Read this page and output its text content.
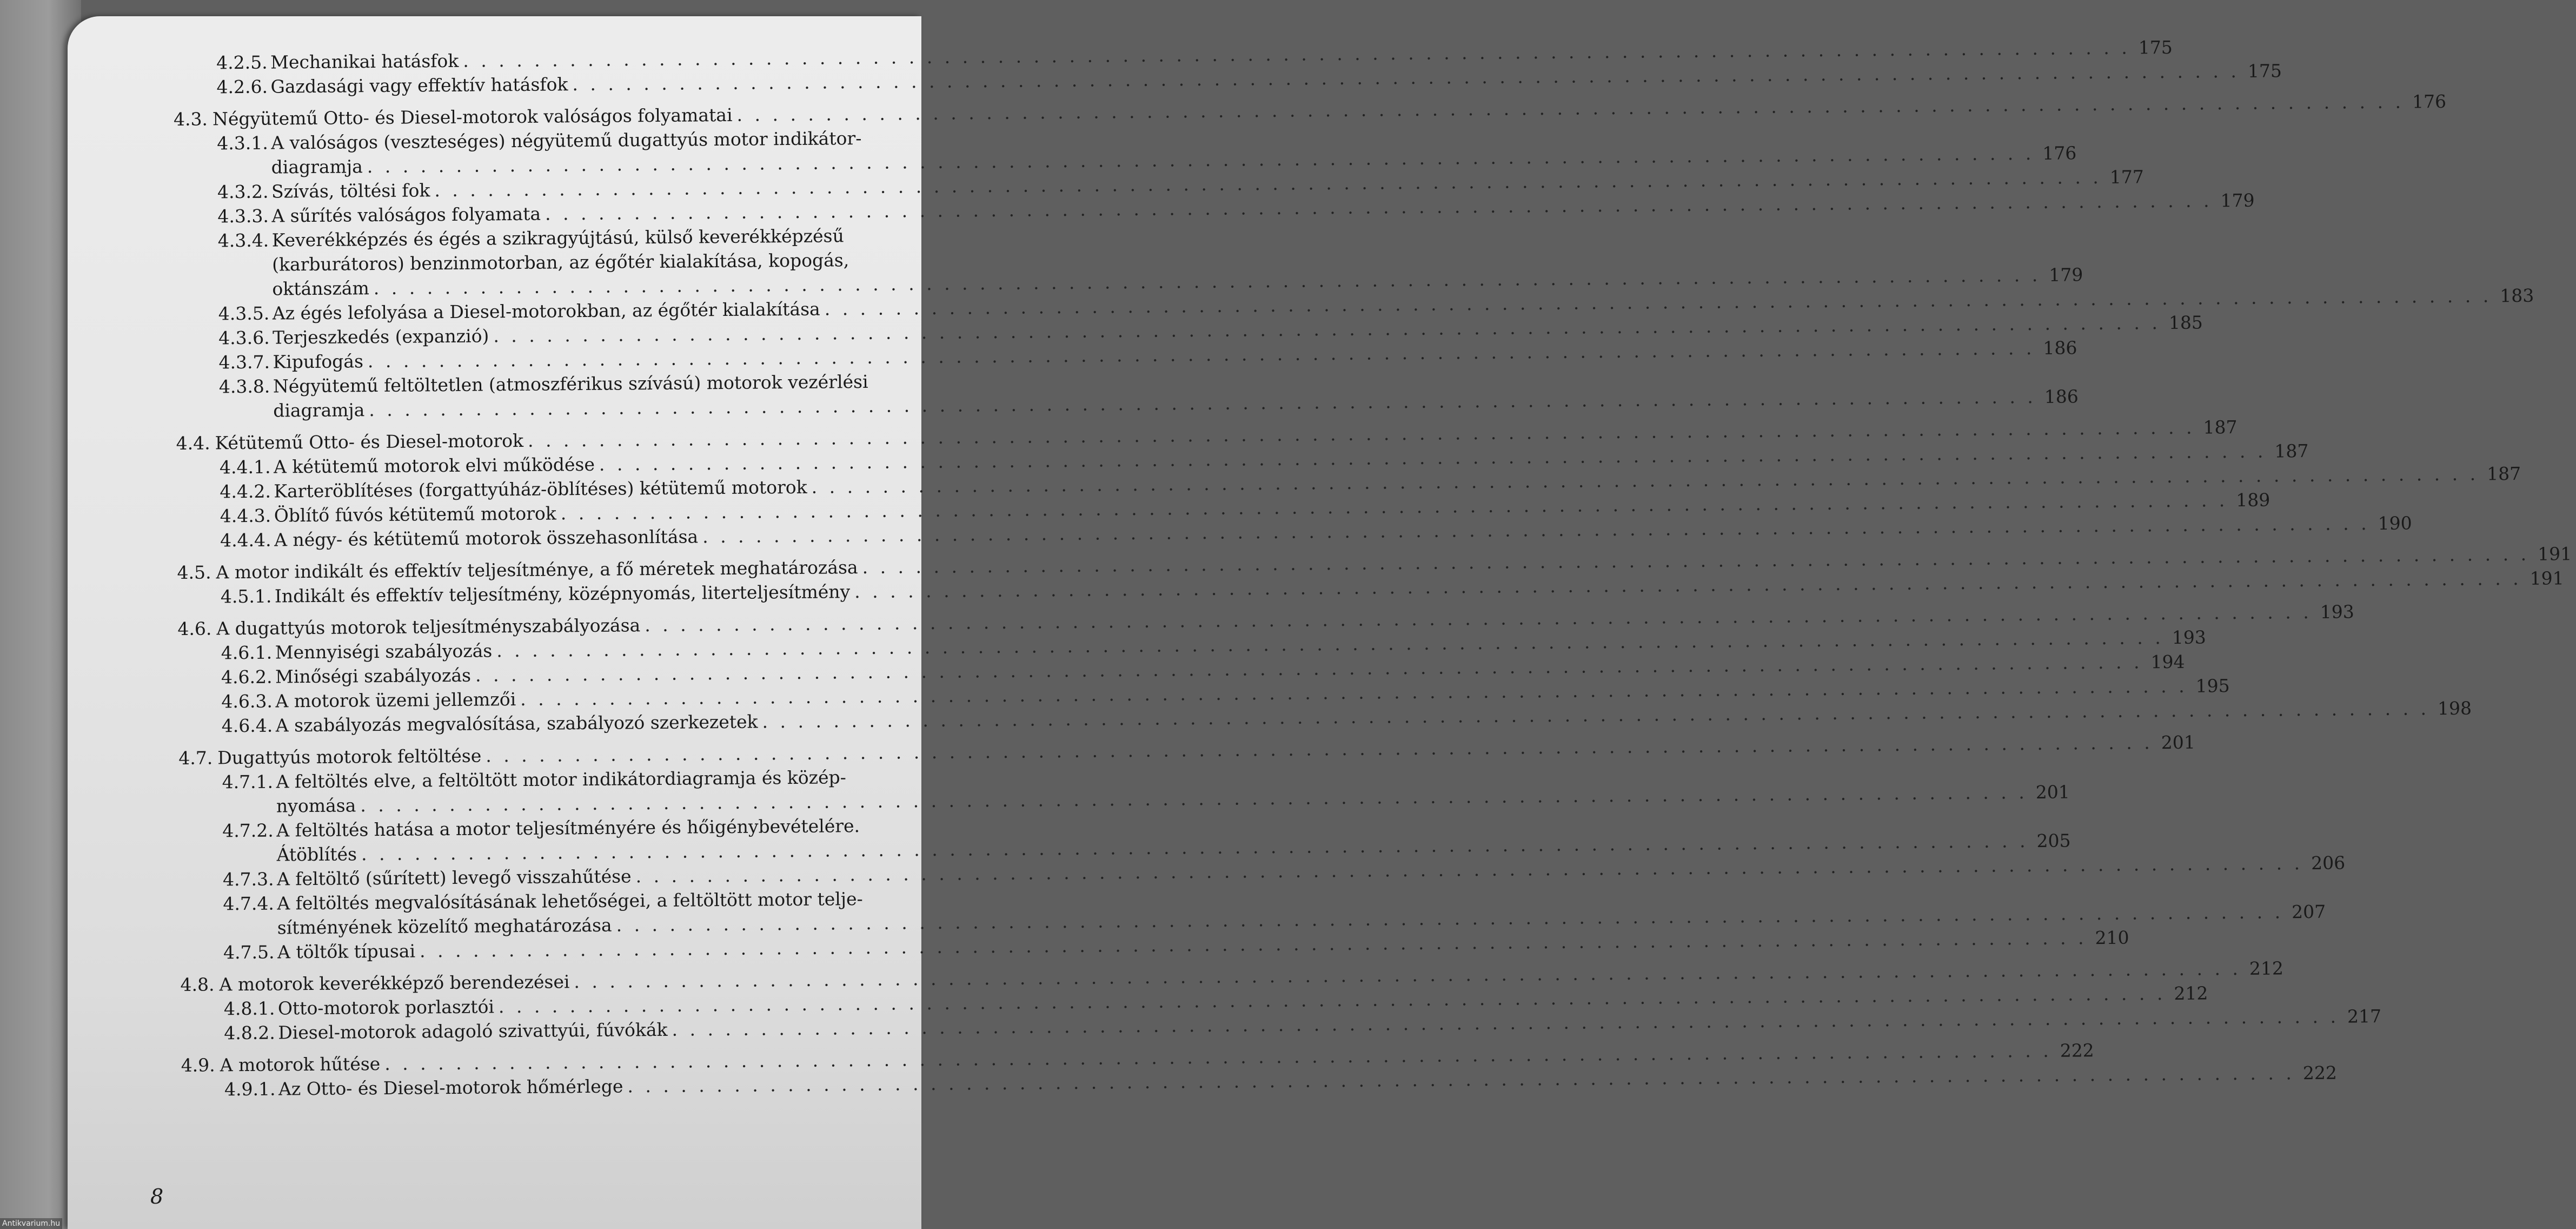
4.2.5. Mechanikai hatásfok
. . .
175
4.2.6. Gazdasági vagy effektív hatásfok
. . .
175
4.3. Négyütemű Otto- és Diesel-motorok valóságos folyamatai
. . .
176
4.3.1. A valóságos (veszteséges) négyütemű dugattyús motor indikátor-
diagramja
. . .
176
4.3.2. Szívás, töltési fok
. . .
177
4.3.3. A sűrítés valóságos folyamata
. . .
179
4.3.4. Keverékképzés és égés a szikragyújtású, külső keverékképzésű
(karburátoros) benzinmotorban, az égőtér kialakítása, kopogás,
oktánszám
. . .
179
4.3.5. Az égés lefolyása a Diesel-motorokban, az égőtér kialakítása
. . .
183
4.3.6. Terjeszkedés (expanzió)
. . .
185
4.3.7. Kipufogás
. . .
186
4.3.8. Négyütemű feltöltetlen (atmoszférikus szívású) motorok vezérlési
diagramja
. . .
186
4.4. Kétütemű Otto- és Diesel-motorok
. . .
187
4.4.1. A kétütemű motorok elvi működése
. . .
187
4.4.2. Karteröblítéses (forgattyúház-öblítéses) kétütemű motorok
. . .
187
4.4.3. Öblítő fúvós kétütemű motorok
. . .
189
4.4.4. A négy- és kétütemű motorok összehasonlítása
. . .
190
4.5. A motor indikált és effektív teljesítménye, a fő méretek meghatározása
. . .
191
4.5.1. Indikált és effektív teljesítmény, középnyomás, literteljesítmény
. . .
191
4.6. A dugattyús motorok teljesítményszabályozása
. . .
193
4.6.1. Mennyiségi szabályozás
. . .
193
4.6.2. Minőségi szabályozás
. . .
194
4.6.3. A motorok üzemi jellemzői
. . .
195
4.6.4. A szabályozás megvalósítása, szabályozó szerkezetek
. . .
198
4.7. Dugattyús motorok feltöltése
. . .
201
4.7.1. A feltöltés elve, a feltöltött motor indikátordiagramja és közép-
nyomása
. . .
201
4.7.2. A feltöltés hatása a motor teljesítményére és hőigénybevételére.
Átöblítés
. . .
205
4.7.3. A feltöltő (sűrített) levegő visszahűtése
. . .
206
4.7.4. A feltöltés megvalósításának lehetőségei, a feltöltött motor telje-
sítményének közelítő meghatározása
. . .
207
4.7.5. A töltők típusai
. . .
210
4.8. A motorok keverékképző berendezései
. . .
212
4.8.1. Otto-motorok porlasztói
. . .
212
4.8.2. Diesel-motorok adagoló szivattyúi, fúvókák
. . .
217
4.9. A motorok hűtése
. . .
222
4.9.1. Az Otto- és Diesel-motorok hőmérlege
. . .
222
8
Antikvarium.hu
